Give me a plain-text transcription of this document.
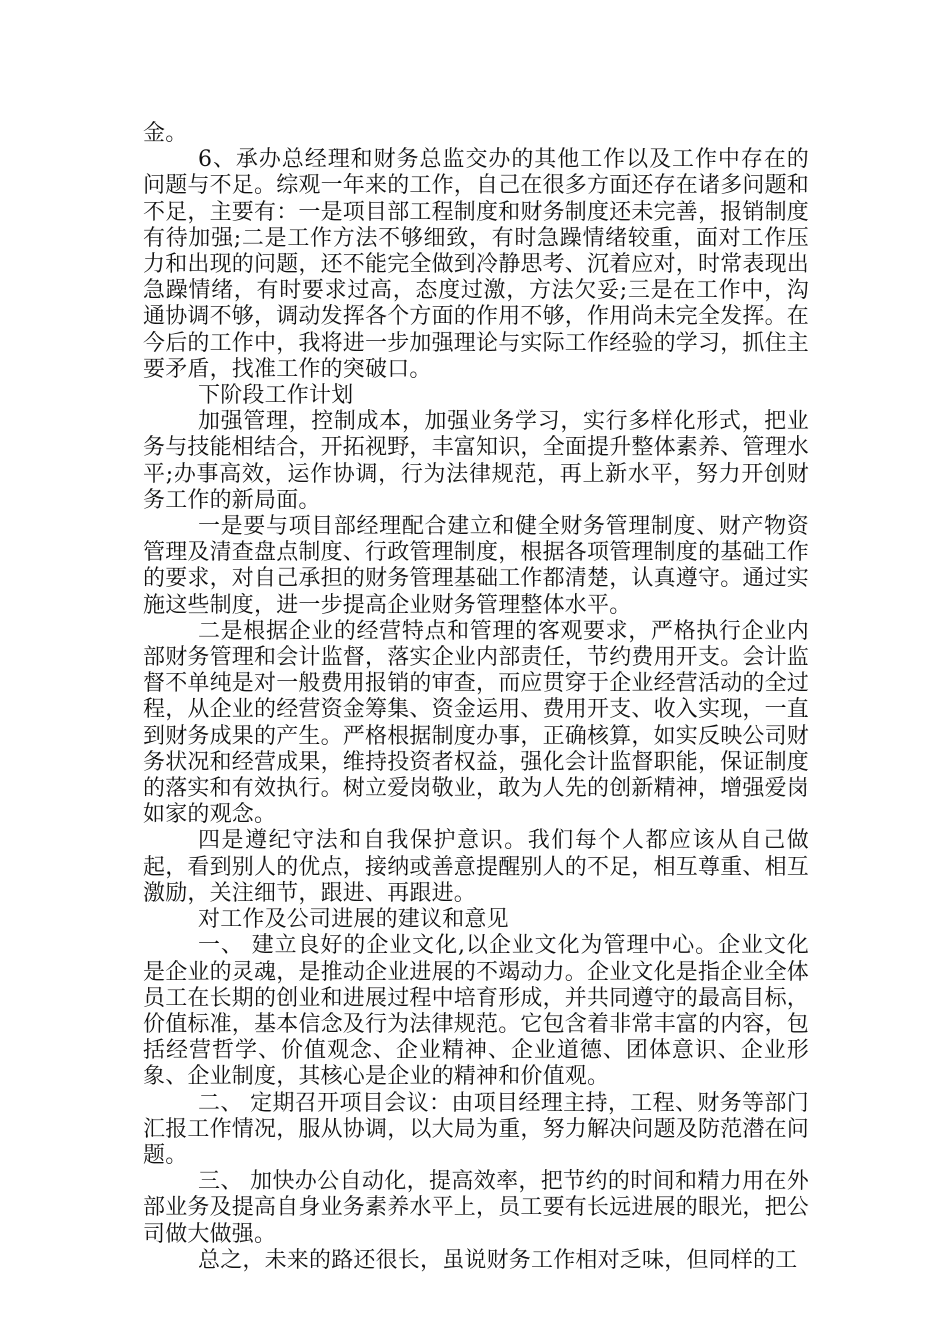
金。

6、承办总经理和财务总监交办的其他工作以及工作中存在的问题与不足。综观一年来的工作，自己在很多方面还存在诸多问题和不足，主要有：一是项目部工程制度和财务制度还未完善，报销制度有待加强;二是工作方法不够细致，有时急躁情绪较重，面对工作压力和出现的问题，还不能完全做到冷静思考、沉着应对，时常表现出急躁情绪，有时要求过高，态度过激，方法欠妥;三是在工作中，沟通协调不够，调动发挥各个方面的作用不够，作用尚未完全发挥。在今后的工作中，我将进一步加强理论与实际工作经验的学习，抓住主要矛盾，找准工作的突破口。

下阶段工作计划

加强管理，控制成本，加强业务学习，实行多样化形式，把业务与技能相结合，开拓视野，丰富知识，全面提升整体素养、管理水平;办事高效，运作协调，行为法律规范，再上新水平，努力开创财务工作的新局面。

一是要与项目部经理配合建立和健全财务管理制度、财产物资管理及清查盘点制度、行政管理制度，根据各项管理制度的基础工作的要求，对自己承担的财务管理基础工作都清楚，认真遵守。通过实施这些制度，进一步提高企业财务管理整体水平。

二是根据企业的经营特点和管理的客观要求，严格执行企业内部财务管理和会计监督，落实企业内部责任，节约费用开支。会计监督不单纯是对一般费用报销的审查，而应贯穿于企业经营活动的全过程，从企业的经营资金筹集、资金运用、费用开支、收入实现，一直到财务成果的产生。严格根据制度办事，正确核算，如实反映公司财务状况和经营成果，维持投资者权益，强化会计监督职能，保证制度的落实和有效执行。树立爱岗敬业，敢为人先的创新精神，增强爱岗如家的观念。

四是遵纪守法和自我保护意识。我们每个人都应该从自己做起，看到别人的优点，接纳或善意提醒别人的不足，相互尊重、相互激励，关注细节，跟进、再跟进。

对工作及公司进展的建议和意见

一、 建立良好的企业文化,以企业文化为管理中心。企业文化是企业的灵魂，是推动企业进展的不竭动力。企业文化是指企业全体员工在长期的创业和进展过程中培育形成，并共同遵守的最高目标，价值标准，基本信念及行为法律规范。它包含着非常丰富的内容，包括经营哲学、价值观念、企业精神、企业道德、团体意识、企业形象、企业制度，其核心是企业的精神和价值观。

二、 定期召开项目会议：由项目经理主持，工程、财务等部门汇报工作情况，服从协调，以大局为重，努力解决问题及防范潜在问题。

三、 加快办公自动化，提高效率，把节约的时间和精力用在外部业务及提高自身业务素养水平上，员工要有长远进展的眼光，把公司做大做强。

总之，未来的路还很长，虽说财务工作相对乏味，但同样的工
